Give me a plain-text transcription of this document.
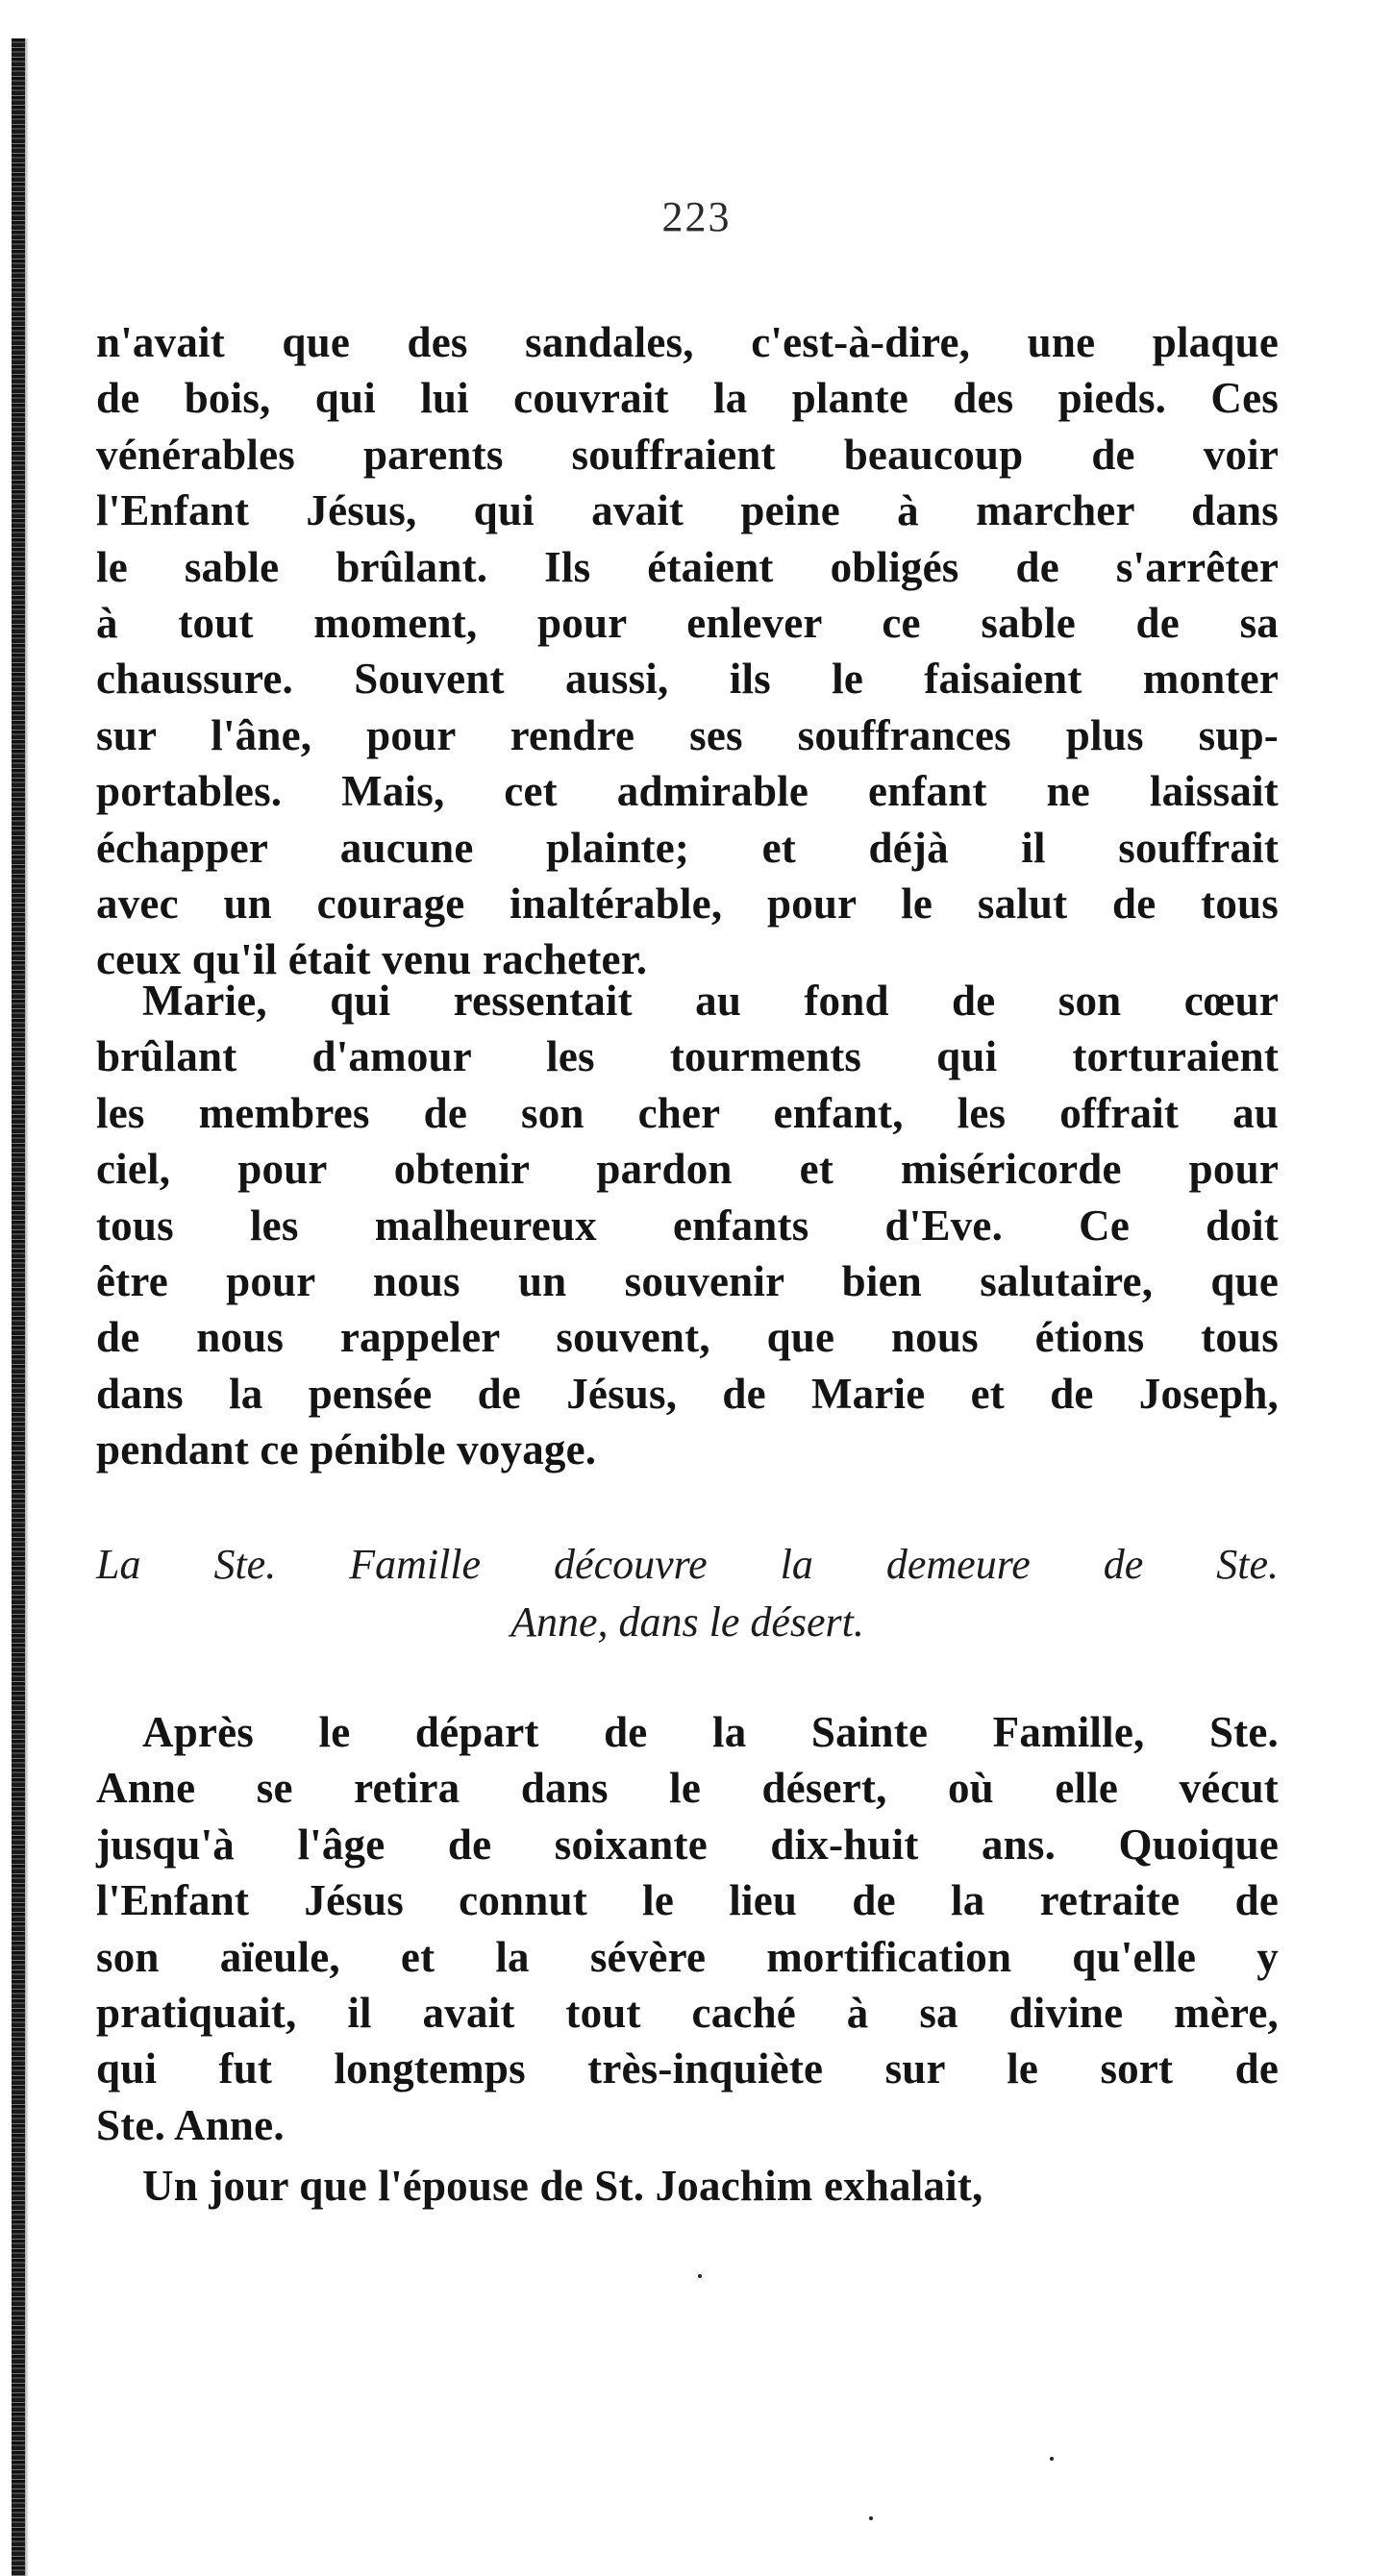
223
n'avait que des sandales, c'est-à-dire, une plaque
de bois, qui lui couvrait la plante des pieds. Ces
vénérables parents souffraient beaucoup de voir
l'Enfant Jésus, qui avait peine à marcher dans
le sable brûlant. Ils étaient obligés de s'arrêter
à tout moment, pour enlever ce sable de sa
chaussure. Souvent aussi, ils le faisaient monter
sur l'âne, pour rendre ses souffrances plus sup-
portables. Mais, cet admirable enfant ne laissait
échapper aucune plainte; et déjà il souffrait
avec un courage inaltérable, pour le salut de tous
ceux qu'il était venu racheter.
Marie, qui ressentait au fond de son cœur
brûlant d'amour les tourments qui torturaient
les membres de son cher enfant, les offrait au
ciel, pour obtenir pardon et miséricorde pour
tous les malheureux enfants d'Eve. Ce doit
être pour nous un souvenir bien salutaire, que
de nous rappeler souvent, que nous étions tous
dans la pensée de Jésus, de Marie et de Joseph,
pendant ce pénible voyage.
La Ste. Famille découvre la demeure de Ste.
Anne, dans le désert.
Après le départ de la Sainte Famille, Ste.
Anne se retira dans le désert, où elle vécut
jusqu'à l'âge de soixante dix-huit ans. Quoique
l'Enfant Jésus connut le lieu de la retraite de
son aïeule, et la sévère mortification qu'elle y
pratiquait, il avait tout caché à sa divine mère,
qui fut longtemps très-inquiète sur le sort de
Ste. Anne.
Un jour que l'épouse de St. Joachim exhalait,
